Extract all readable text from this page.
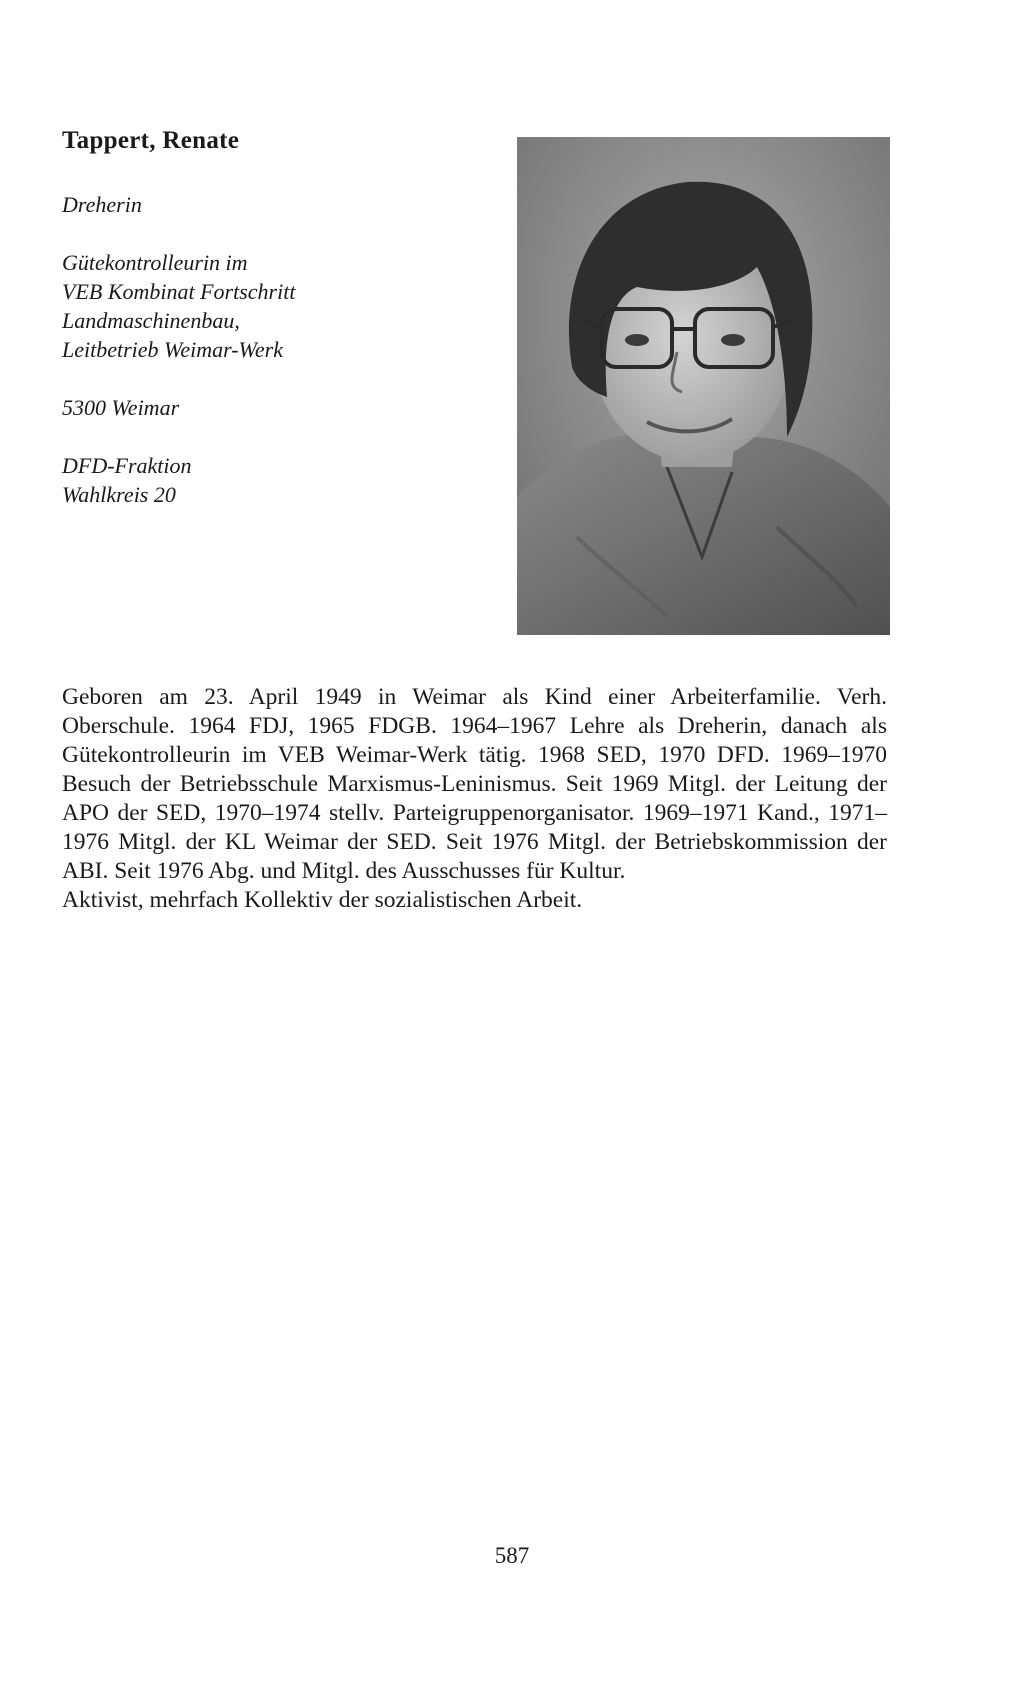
Tappert, Renate
Dreherin
Gütekontrolleurin im
VEB Kombinat Fortschritt
Landmaschinenbau,
Leitbetrieb Weimar-Werk
5300 Weimar
DFD-Fraktion
Wahlkreis 20

Geboren am 23. April 1949 in Weimar als Kind einer Arbeiterfamilie. Verh. Oberschule. 1964 FDJ, 1965 FDGB. 1964–1967 Lehre als Dreherin, danach als Gütekontrolleurin im VEB Weimar-Werk tätig. 1968 SED, 1970 DFD. 1969–1970 Besuch der Betriebsschule Marxismus-Leninismus. Seit 1969 Mitgl. der Leitung der APO der SED, 1970–1974 stellv. Parteigruppenorganisator. 1969–1971 Kand., 1971–1976 Mitgl. der KL Weimar der SED. Seit 1976 Mitgl. der Betriebskommission der ABI. Seit 1976 Abg. und Mitgl. des Ausschusses für Kultur.

Aktivist, mehrfach Kollektiv der sozialistischen Arbeit.

587
